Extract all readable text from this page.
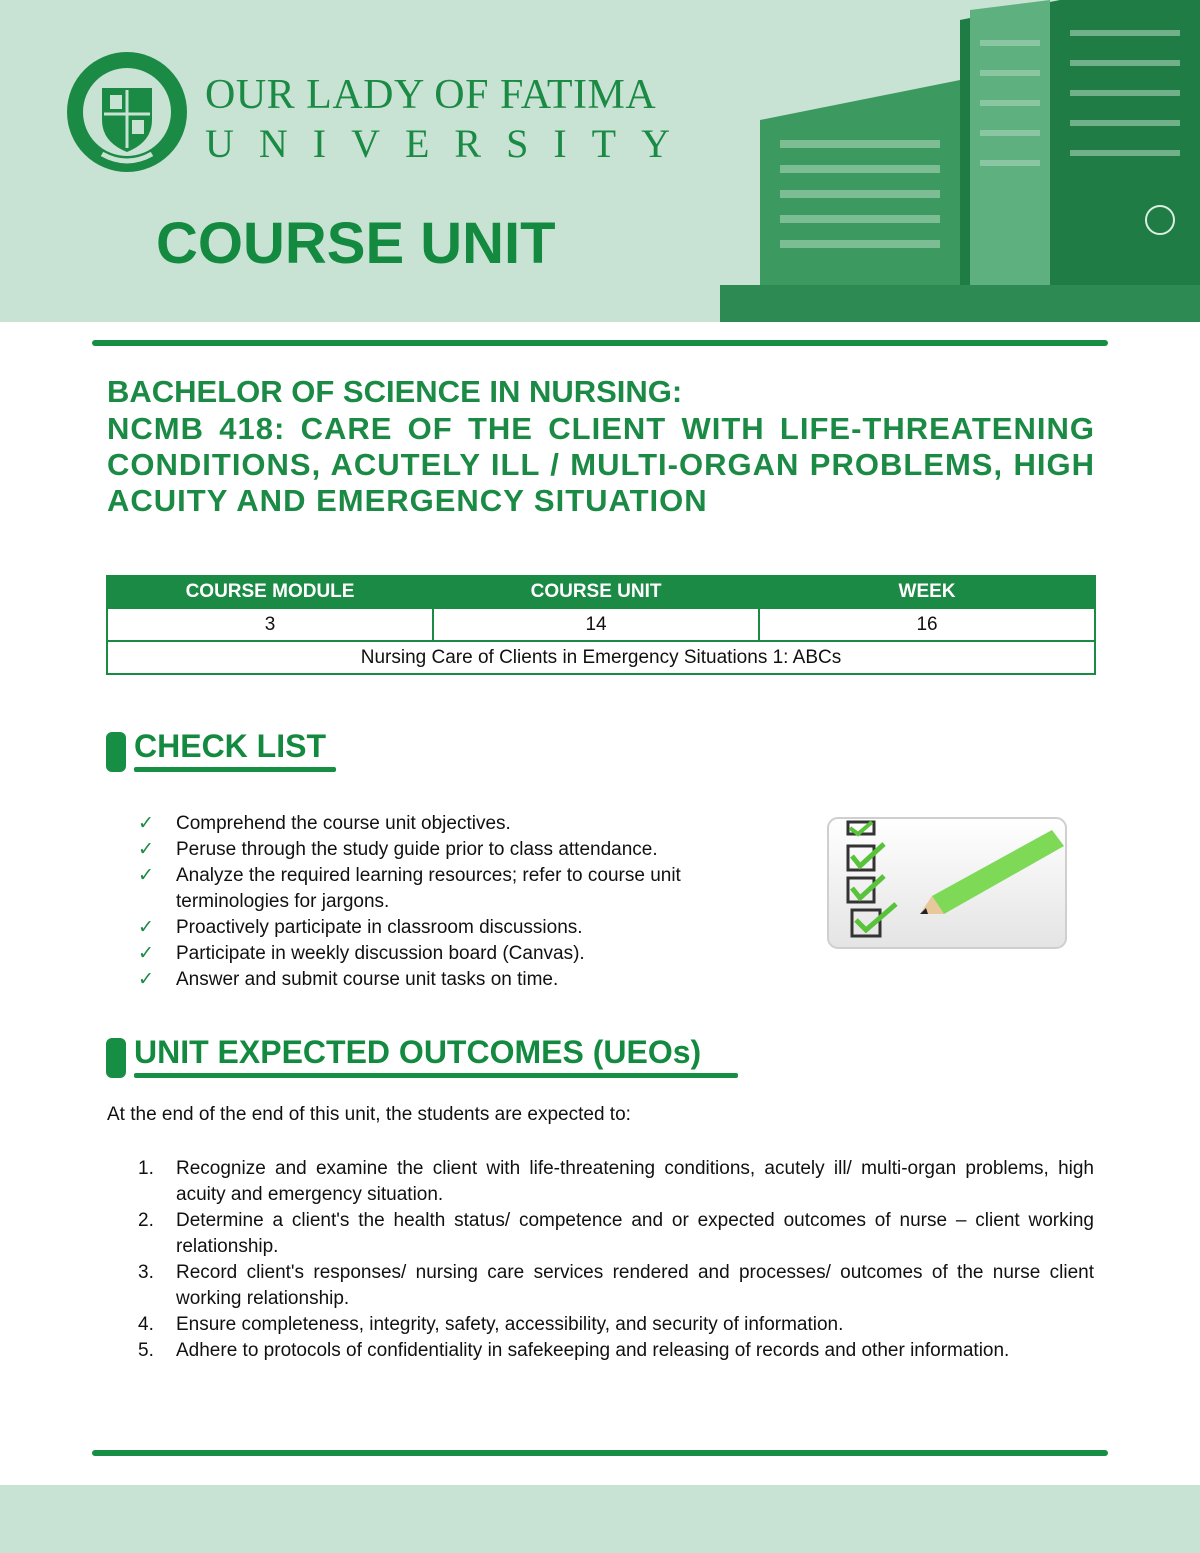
OUR LADY OF FATIMA
UNIVERSITY
COURSE UNIT
BACHELOR OF SCIENCE IN NURSING:
NCMB 418: CARE OF THE CLIENT WITH LIFE-THREATENING CONDITIONS, ACUTELY ILL / MULTI-ORGAN PROBLEMS, HIGH ACUITY AND EMERGENCY SITUATION
COURSE MODULE	COURSE UNIT	WEEK
3	14	16
Nursing Care of Clients in Emergency Situations 1: ABCs		
CHECK LIST
✓ Comprehend the course unit objectives.
✓ Peruse through the study guide prior to class attendance.
✓ Analyze the required learning resources; refer to course unit terminologies for jargons.
✓ Proactively participate in classroom discussions.
✓ Participate in weekly discussion board (Canvas).
✓ Answer and submit course unit tasks on time.
UNIT EXPECTED OUTCOMES (UEOs)
At the end of the end of this unit, the students are expected to:
1. Recognize and examine the client with life-threatening conditions, acutely ill/ multi-organ problems, high acuity and emergency situation.
2. Determine a client's the health status/ competence and or expected outcomes of nurse – client working relationship.
3. Record client's responses/ nursing care services rendered and processes/ outcomes of the nurse client working relationship.
4. Ensure completeness, integrity, safety, accessibility, and security of information.
5. Adhere to protocols of confidentiality in safekeeping and releasing of records and other information.
